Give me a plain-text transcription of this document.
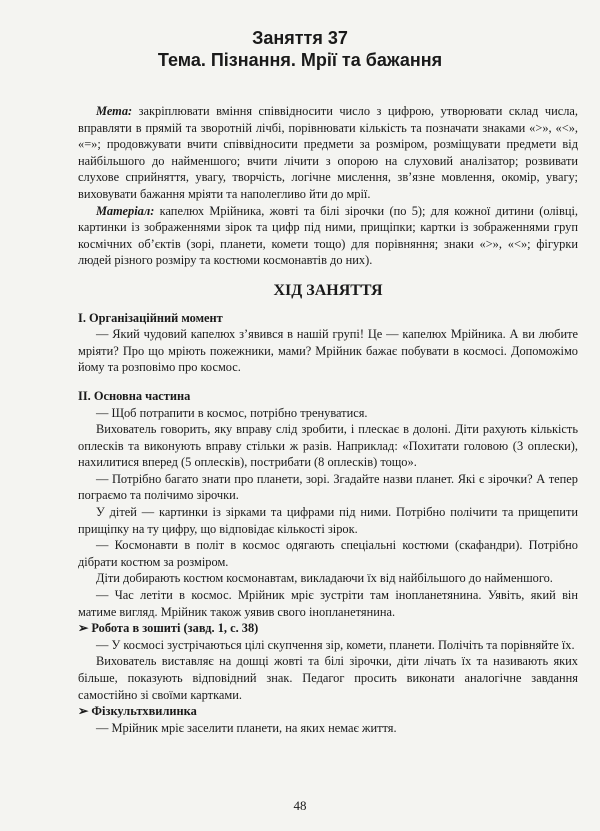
Заняття 37
Тема. Пізнання. Мрії та бажання

Мета: закріплювати вміння співвідносити число з цифрою, утворювати склад числа, вправляти в прямій та зворотній лічбі, порівнювати кількість та позначати знаками «>», «<», «=»; продовжувати вчити співвідносити предмети за розміром, розміщувати предмети від найбільшого до найменшого; вчити лічити з опорою на слуховий аналізатор; розвивати слухове сприйняття, увагу, творчість, логічне мислення, зв’язне мовлення, окомір, увагу; виховувати бажання мріяти та наполегливо йти до мрії.

Матеріал: капелюх Мрійника, жовті та білі зірочки (по 5); для кожної дитини (олівці, картинки із зображеннями зірок та цифр під ними, прищіпки; картки із зображеннями груп космічних об’єктів (зорі, планети, комети тощо) для порівняння; знаки «>», «<»; фігурки людей різного розміру та костюми космонавтів до них).

ХІД ЗАНЯТТЯ

I. Організаційний момент

— Який чудовий капелюх з’явився в нашій групі! Це — капелюх Мрійника. А ви любите мріяти? Про що мріють пожежники, мами? Мрійник бажає побувати в космосі. Допоможімо йому та розповімо про космос.

II. Основна частина

— Щоб потрапити в космос, потрібно тренуватися.

Вихователь говорить, яку вправу слід зробити, і плескає в долоні. Діти рахують кількість оплесків та виконують вправу стільки ж разів. Наприклад: «Похитати головою (3 оплески), нахилитися вперед (5 оплесків), пострибати (8 оплесків) тощо».

— Потрібно багато знати про планети, зорі. Згадайте назви планет. Які є зірочки? А тепер пограємо та полічимо зірочки.

У дітей — картинки із зірками та цифрами під ними. Потрібно полічити та прищепити прищіпку на ту цифру, що відповідає кількості зірок.

— Космонавти в політ в космос одягають спеціальні костюми (скафандри). Потрібно дібрати костюм за розміром.

Діти добирають костюм космонавтам, викладаючи їх від найбільшого до найменшого.

— Час летіти в космос. Мрійник мріє зустріти там інопланетянина. Уявіть, який він матиме вигляд. Мрійник також уявив свого інопланетянина.

➢ Робота в зошиті (завд. 1, с. 38)

— У космосі зустрічаються цілі скупчення зір, комети, планети. Полічіть та порівняйте їх.

Вихователь виставляє на дошці жовті та білі зірочки, діти лічать їх та називають яких більше, показують відповідний знак. Педагог просить виконати аналогічне завдання самостійно зі своїми картками.

➢ Фізкультхвилинка

— Мрійник мріє заселити планети, на яких немає життя.

48
